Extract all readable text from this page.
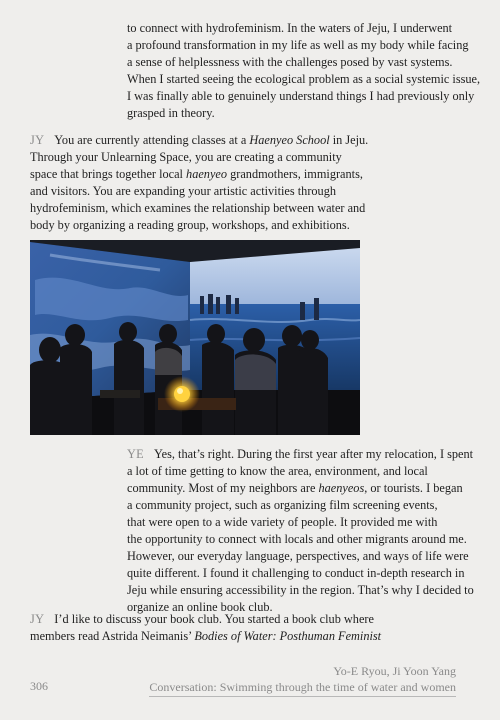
to connect with hydrofeminism. In the waters of Jeju, I underwent
a profound transformation in my life as well as my body while facing
a sense of helplessness with the challenges posed by vast systems.
When I started seeing the ecological problem as a social systemic issue,
I was finally able to genuinely understand things I had previously only
grasped in theory.

JY You are currently attending classes at a Haenyeo School in Jeju.
Through your Unlearning Space, you are creating a community
space that brings together local haenyeo grandmothers, immigrants,
and visitors. You are expanding your artistic activities through
hydrofeminism, which examines the relationship between water and
body by organizing a reading group, workshops, and exhibitions.

YE Yes, that’s right. During the first year after my relocation, I spent
a lot of time getting to know the area, environment, and local
community. Most of my neighbors are haenyeos, or tourists. I began
a community project, such as organizing film screening events,
that were open to a wide variety of people. It provided me with
the opportunity to connect with locals and other migrants around me.
However, our everyday language, perspectives, and ways of life were
quite different. I found it challenging to conduct in-depth research in
Jeju while ensuring accessibility in the region. That’s why I decided to
organize an online book club.

JY I’d like to discuss your book club. You started a book club where
members read Astrida Neimanis’ Bodies of Water: Posthuman Feminist

306
Yo-E Ryou, Ji Yoon Yang
Conversation: Swimming through the time of water and women
